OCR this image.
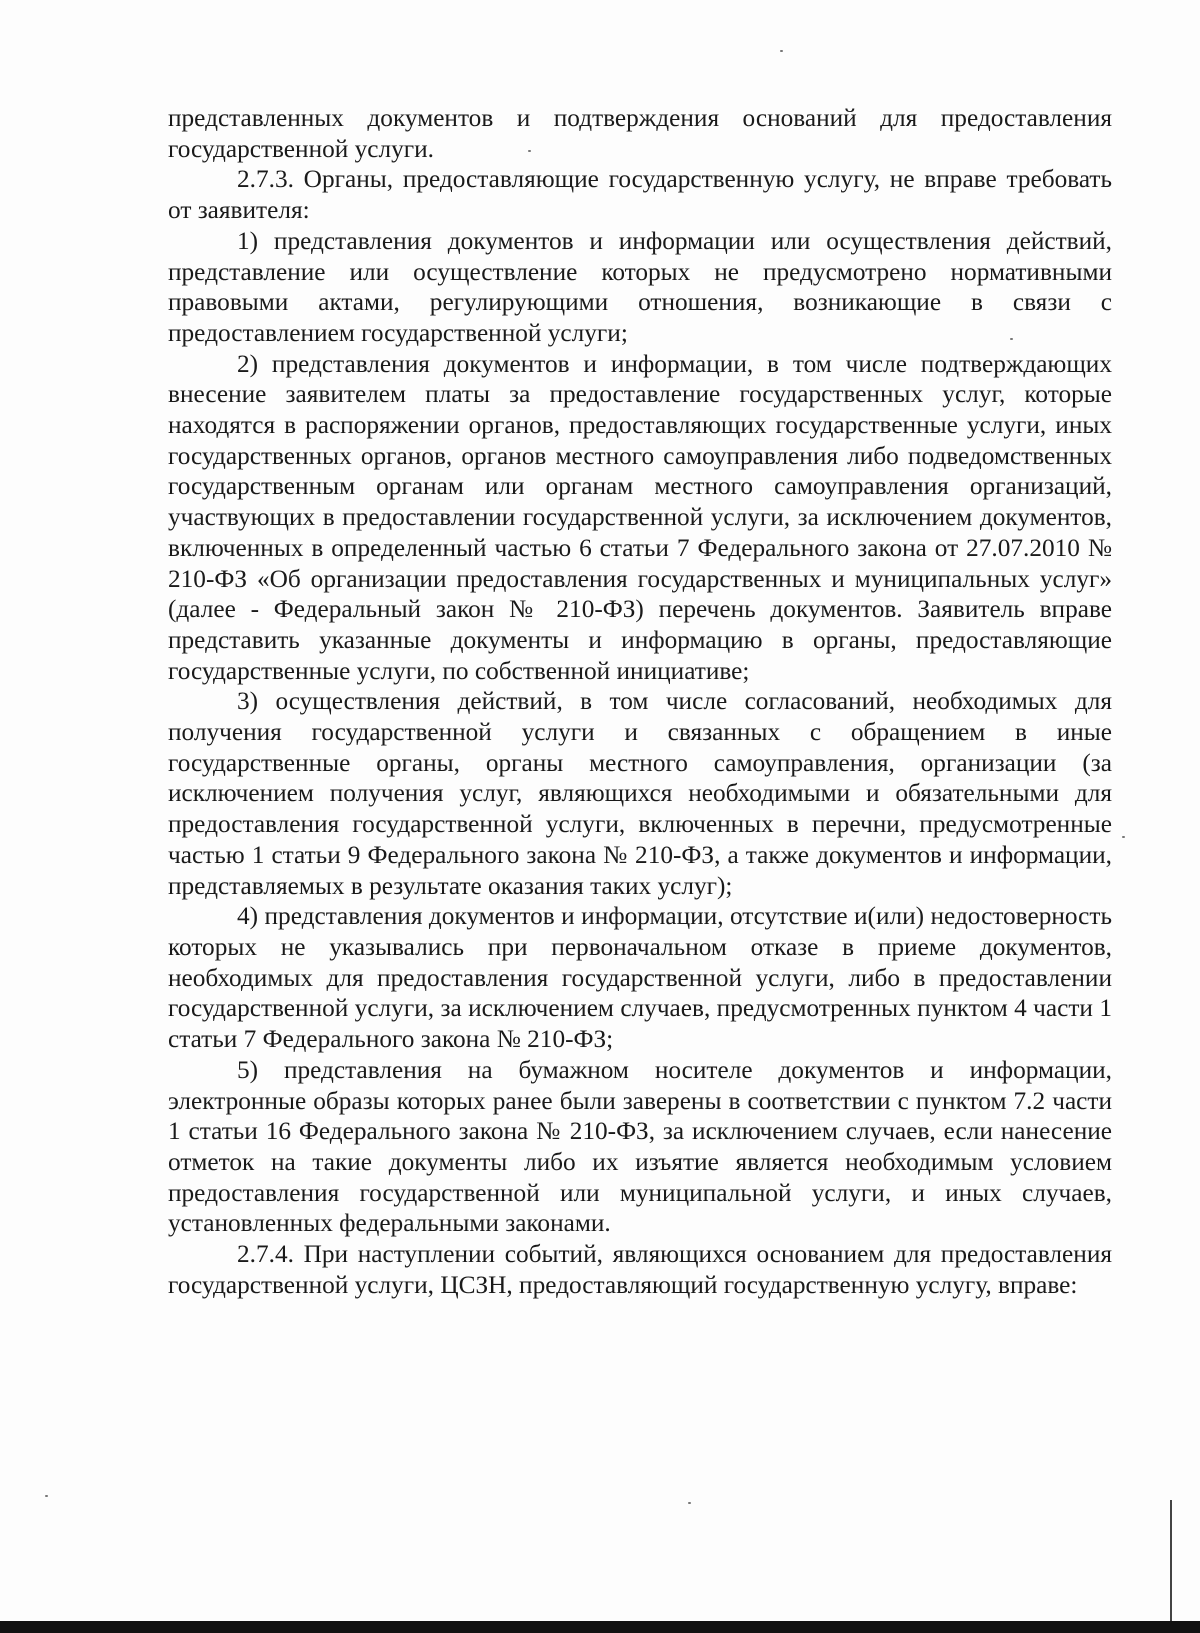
представленных документов и подтверждения оснований для предоставления государственной услуги.

2.7.3. Органы, предоставляющие государственную услугу, не вправе требовать от заявителя:

1) представления документов и информации или осуществления действий, представление или осуществление которых не предусмотрено нормативными правовыми актами, регулирующими отношения, возникающие в связи с предоставлением государственной услуги;

2) представления документов и информации, в том числе подтверждающих внесение заявителем платы за предоставление государственных услуг, которые находятся в распоряжении органов, предоставляющих государственные услуги, иных государственных органов, органов местного самоуправления либо подведомственных государственным органам или органам местного самоуправления организаций, участвующих в предоставлении государственной услуги, за исключением документов, включенных в определенный частью 6 статьи 7 Федерального закона от 27.07.2010 № 210-ФЗ «Об организации предоставления государственных и муниципальных услуг» (далее - Федеральный закон № 210-ФЗ) перечень документов. Заявитель вправе представить указанные документы и информацию в органы, предоставляющие государственные услуги, по собственной инициативе;

3) осуществления действий, в том числе согласований, необходимых для получения государственной услуги и связанных с обращением в иные государственные органы, органы местного самоуправления, организации (за исключением получения услуг, являющихся необходимыми и обязательными для предоставления государственной услуги, включенных в перечни, предусмотренные частью 1 статьи 9 Федерального закона № 210-ФЗ, а также документов и информации, представляемых в результате оказания таких услуг);

4) представления документов и информации, отсутствие и(или) недостоверность которых не указывались при первоначальном отказе в приеме документов, необходимых для предоставления государственной услуги, либо в предоставлении государственной услуги, за исключением случаев, предусмотренных пунктом 4 части 1 статьи 7 Федерального закона № 210-ФЗ;

5) представления на бумажном носителе документов и информации, электронные образы которых ранее были заверены в соответствии с пунктом 7.2 части 1 статьи 16 Федерального закона № 210-ФЗ, за исключением случаев, если нанесение отметок на такие документы либо их изъятие является необходимым условием предоставления государственной или муниципальной услуги, и иных случаев, установленных федеральными законами.

2.7.4. При наступлении событий, являющихся основанием для предоставления государственной услуги, ЦСЗН, предоставляющий государственную услугу, вправе:
